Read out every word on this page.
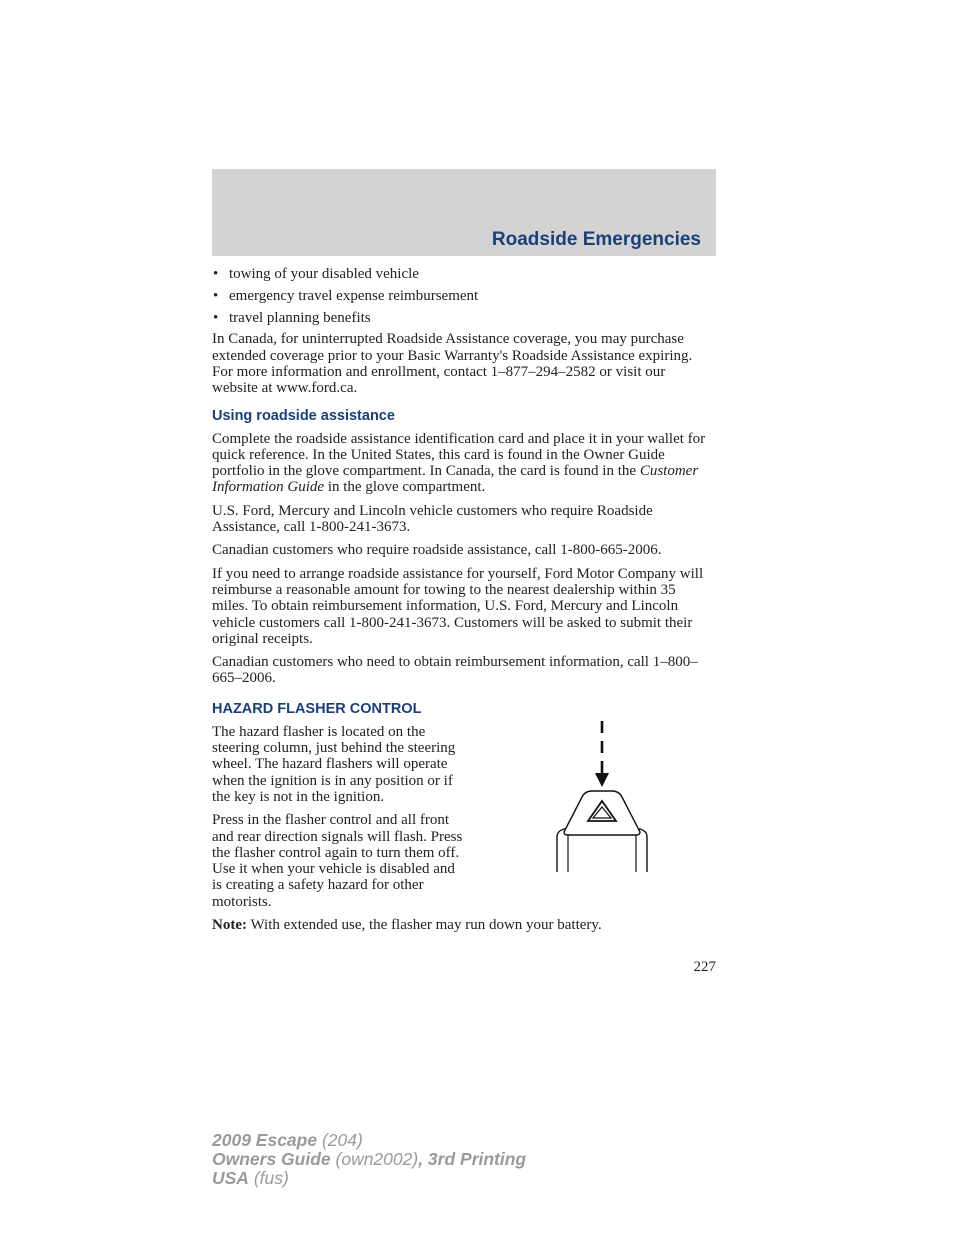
Roadside Emergencies
• towing of your disabled vehicle
• emergency travel expense reimbursement
• travel planning benefits

In Canada, for uninterrupted Roadside Assistance coverage, you may purchase extended coverage prior to your Basic Warranty's Roadside Assistance expiring. For more information and enrollment, contact 1–877–294–2582 or visit our website at www.ford.ca.

Using roadside assistance

Complete the roadside assistance identification card and place it in your wallet for quick reference. In the United States, this card is found in the Owner Guide portfolio in the glove compartment. In Canada, the card is found in the Customer Information Guide in the glove compartment.

U.S. Ford, Mercury and Lincoln vehicle customers who require Roadside Assistance, call 1-800-241-3673.

Canadian customers who require roadside assistance, call 1-800-665-2006.

If you need to arrange roadside assistance for yourself, Ford Motor Company will reimburse a reasonable amount for towing to the nearest dealership within 35 miles. To obtain reimbursement information, U.S. Ford, Mercury and Lincoln vehicle customers call 1-800-241-3673. Customers will be asked to submit their original receipts.

Canadian customers who need to obtain reimbursement information, call 1–800–665–2006.

HAZARD FLASHER CONTROL

The hazard flasher is located on the steering column, just behind the steering wheel. The hazard flashers will operate when the ignition is in any position or if the key is not in the ignition.

Press in the flasher control and all front and rear direction signals will flash. Press the flasher control again to turn them off. Use it when your vehicle is disabled and is creating a safety hazard for other motorists.

Note: With extended use, the flasher may run down your battery.

227
2009 Escape (204)
Owners Guide (own2002), 3rd Printing
USA (fus)
